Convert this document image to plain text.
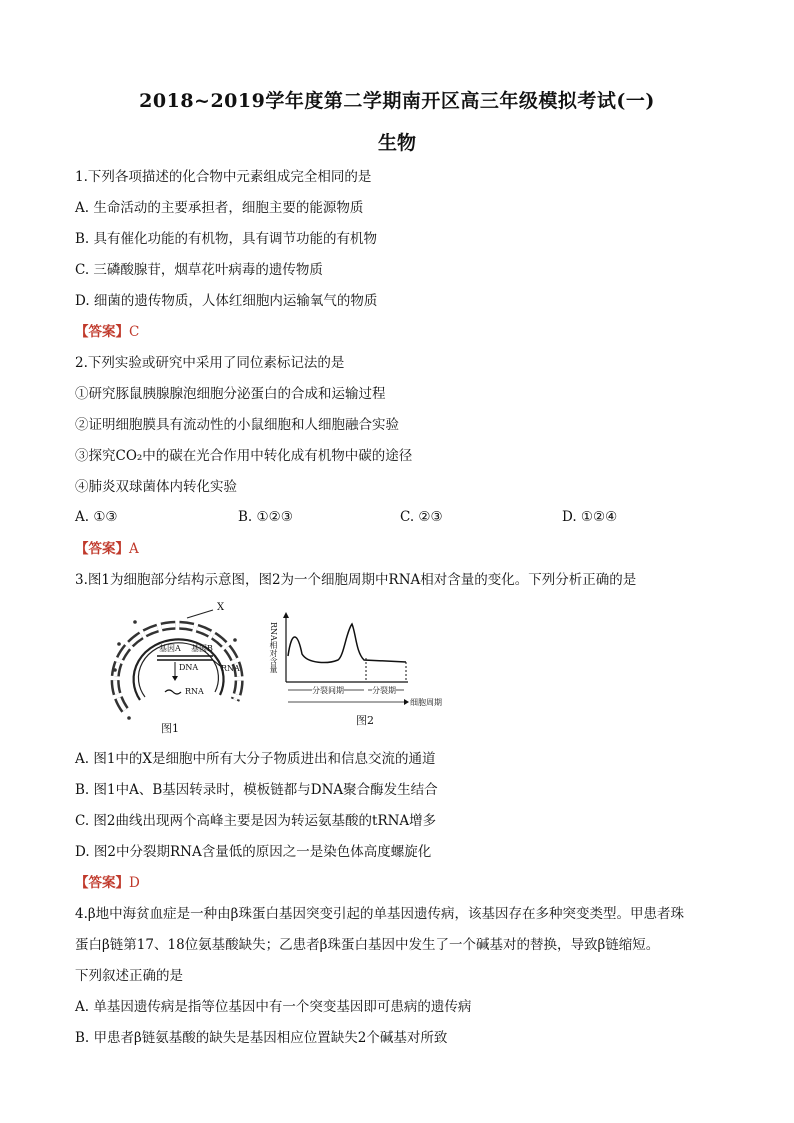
2018~2019学年度第二学期南开区高三年级模拟考试(一)
生物
1.下列各项描述的化合物中元素组成完全相同的是
A. 生命活动的主要承担者，细胞主要的能源物质
B. 具有催化功能的有机物，具有调节功能的有机物
C. 三磷酸腺苷，烟草花叶病毒的遗传物质
D. 细菌的遗传物质，人体红细胞内运输氧气的物质
【答案】C
2.下列实验或研究中采用了同位素标记法的是
①研究豚鼠胰腺腺泡细胞分泌蛋白的合成和运输过程
②证明细胞膜具有流动性的小鼠细胞和人细胞融合实验
③探究CO₂中的碳在光合作用中转化成有机物中碳的途径
④肺炎双球菌体内转化实验
A. ①③	B. ①②③	C. ②③	D. ①②④
【答案】A
3.图1为细胞部分结构示意图，图2为一个细胞周期中RNA相对含量的变化。下列分析正确的是
X
基因A 基因B
DNA	RNA
RNA
图1
RNA相对含量
分裂间期	分裂期
细胞周期
图2
A. 图1中的X是细胞中所有大分子物质进出和信息交流的通道
B. 图1中A、B基因转录时，模板链都与DNA聚合酶发生结合
C. 图2曲线出现两个高峰主要是因为转运氨基酸的tRNA增多
D. 图2中分裂期RNA含量低的原因之一是染色体高度螺旋化
【答案】D
4.β地中海贫血症是一种由β珠蛋白基因突变引起的单基因遗传病，该基因存在多种突变类型。甲患者珠
蛋白β链第17、18位氨基酸缺失；乙患者β珠蛋白基因中发生了一个碱基对的替换，导致β链缩短。
下列叙述正确的是
A. 单基因遗传病是指等位基因中有一个突变基因即可患病的遗传病
B. 甲患者β链氨基酸的缺失是基因相应位置缺失2个碱基对所致
